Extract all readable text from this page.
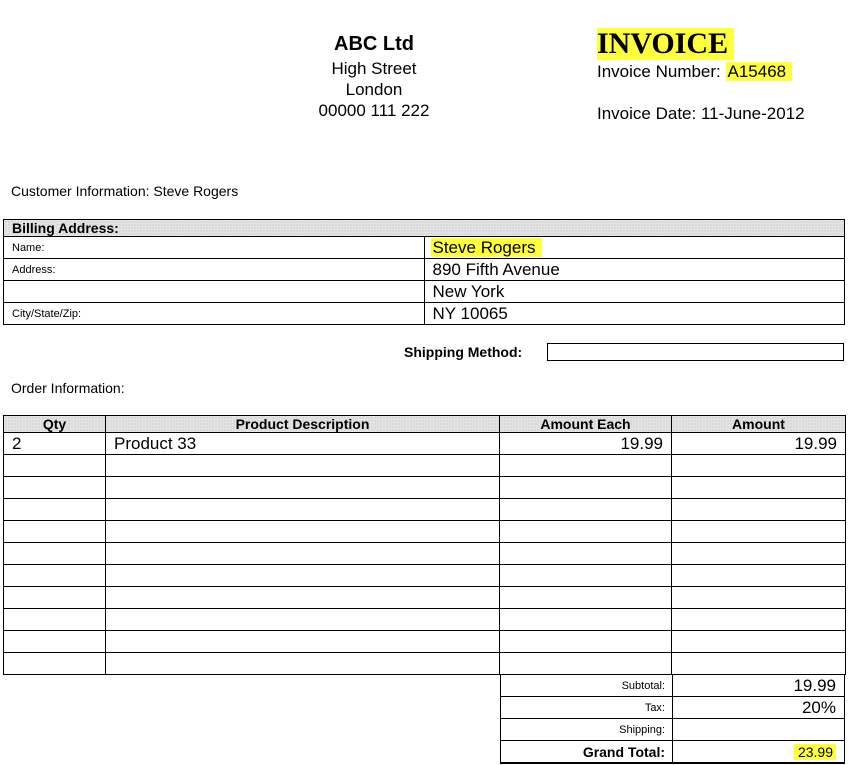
ABC Ltd
High Street
London
00000 111 222
INVOICE
Invoice Number: A15468
Invoice Date: 11-June-2012
Customer Information: Steve Rogers
Billing Address:	
Name:	Steve Rogers
Address:	890 Fifth Avenue
	New York
City/State/Zip:	NY 10065
Shipping Method:
Order Information:
Qty	Product Description	Amount Each	Amount
2	Product 33	19.99	19.99

Subtotal:	19.99
Tax:	20%
Shipping:	
Grand Total:	23.99
